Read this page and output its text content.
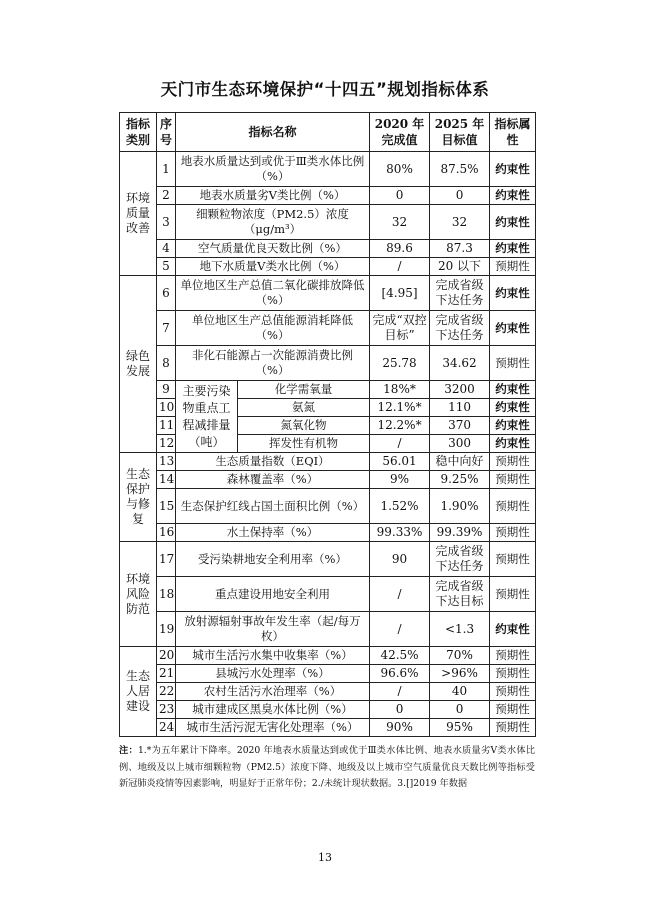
天门市生态环境保护“十四五”规划指标体系
指标类别	序号	指标名称		2020 年完成值	2025 年目标值	指标属性
环境质量改善	1	地表水质量达到或优于Ⅲ类水体比例（%）		80%	87.5%	约束性
	2	地表水质量劣Ⅴ类比例（%）		0	0	约束性
	3	细颗粒物浓度（PM2.5）浓度（μg/m³）		32	32	约束性
	4	空气质量优良天数比例（%）		89.6	87.3	约束性
	5	地下水质量Ⅴ类水比例（%）		/	20 以下	预期性
绿色发展	6	单位地区生产总值二氧化碳排放降低（%）		[4.95]	完成省级下达任务	约束性
	7	单位地区生产总值能源消耗降低（%）		完成“双控目标”	完成省级下达任务	约束性
	8	非化石能源占一次能源消费比例（%）		25.78	34.62	预期性
	9	主要污染物重点工程减排量（吨）	化学需氧量	18%*	3200	约束性
	10		氨氮	12.1%*	110	约束性
	11		氮氧化物	12.2%*	370	约束性
	12		挥发性有机物	/	300	约束性
生态保护与修复	13	生态质量指数（EQI）		56.01	稳中向好	预期性
	14	森林覆盖率（%）		9%	9.25%	预期性
	15	生态保护红线占国土面积比例（%）		1.52%	1.90%	预期性
	16	水土保持率（%）		99.33%	99.39%	预期性
环境风险防范	17	受污染耕地安全利用率（%）		90	完成省级下达任务	预期性
	18	重点建设用地安全利用		/	完成省级下达目标	预期性
	19	放射源辐射事故年发生率（起/每万枚）		/	<1.3	约束性
生态人居建设	20	城市生活污水集中收集率（%）		42.5%	70%	预期性
	21	县城污水处理率（%）		96.6%	>96%	预期性
	22	农村生活污水治理率（%）		/	40	预期性
	23	城市建成区黑臭水体比例（%）		0	0	预期性
	24	城市生活污泥无害化处理率（%）		90%	95%	预期性
注：1.*为五年累计下降率。2020 年地表水质量达到或优于Ⅲ类水体比例、地表水质量劣Ⅴ类水体比例、地级及以上城市细颗粒物（PM2.5）浓度下降、地级及以上城市空气质量优良天数比例等指标受新冠肺炎疫情等因素影响，明显好于正常年份；2./未统计现状数据。3.[]2019 年数据
13
